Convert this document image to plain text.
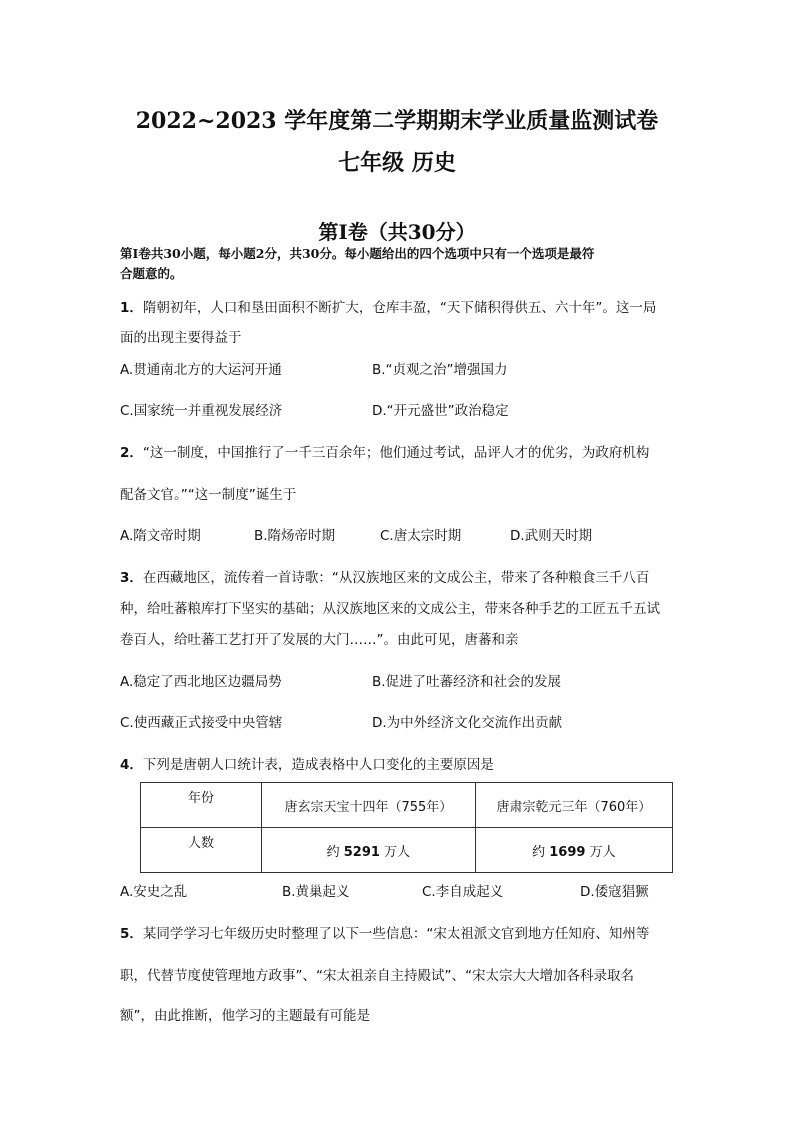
2022~2023 学年度第二学期期末学业质量监测试卷
七年级 历史
第Ⅰ卷（共30分）
第Ⅰ卷共30小题，每小题2分，共30分。每小题给出的四个选项中只有一个选项是最符
合题意的。
1．隋朝初年，人口和垦田面积不断扩大，仓库丰盈，“天下储积得供五、六十年”。这一局
面的出现主要得益于
A.贯通南北方的大运河开通	B.“贞观之治”增强国力
C.国家统一并重视发展经济	D.“开元盛世”政治稳定
2．“这一制度，中国推行了一千三百余年；他们通过考试，品评人才的优劣，为政府机构
配备文官。”“这一制度”诞生于
A.隋文帝时期	B.隋炀帝时期	C.唐太宗时期	D.武则天时期
3．在西藏地区，流传着一首诗歌：“从汉族地区来的文成公主，带来了各种粮食三千八百
种，给吐蕃粮库打下坚实的基础；从汉族地区来的文成公主，带来各种手艺的工匠五千五试
卷百人，给吐蕃工艺打开了发展的大门……”。由此可见，唐蕃和亲
A.稳定了西北地区边疆局势	B.促进了吐蕃经济和社会的发展
C.使西藏正式接受中央管辖	D.为中外经济文化交流作出贡献
4．下列是唐朝人口统计表，造成表格中人口变化的主要原因是
年份	唐玄宗天宝十四年（755年）	唐肃宗乾元三年（760年）
人数	约 5291 万人	约 1699 万人
A.安史之乱	B.黄巢起义	C.李自成起义	D.倭寇猖獗
5．某同学学习七年级历史时整理了以下一些信息：“宋太祖派文官到地方任知府、知州等
职，代替节度使管理地方政事”、“宋太祖亲自主持殿试”、“宋太宗大大增加各科录取名
额”，由此推断，他学习的主题最有可能是
